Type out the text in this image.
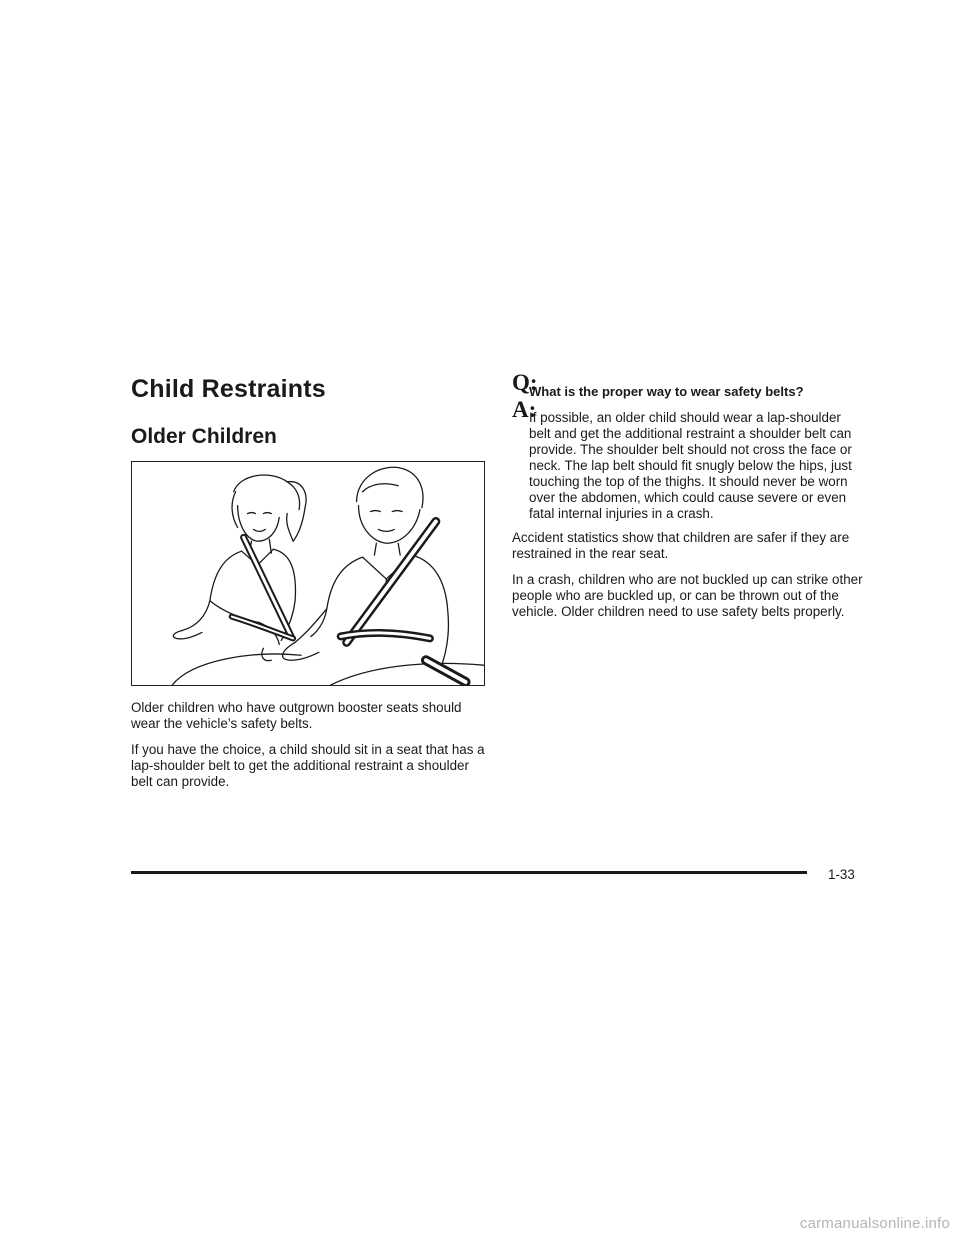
Child Restraints
Older Children

Older children who have outgrown booster seats should wear the vehicle’s safety belts.

If you have the choice, a child should sit in a seat that has a lap-shoulder belt to get the additional restraint a shoulder belt can provide.

Q:
What is the proper way to wear safety belts?
A:
If possible, an older child should wear a lap-shoulder belt and get the additional restraint a shoulder belt can provide. The shoulder belt should not cross the face or neck. The lap belt should fit snugly below the hips, just touching the top of the thighs. It should never be worn over the abdomen, which could cause severe or even fatal internal injuries in a crash.

Accident statistics show that children are safer if they are restrained in the rear seat.

In a crash, children who are not buckled up can strike other people who are buckled up, or can be thrown out of the vehicle. Older children need to use safety belts properly.

1-33
carmanualsonline.info
